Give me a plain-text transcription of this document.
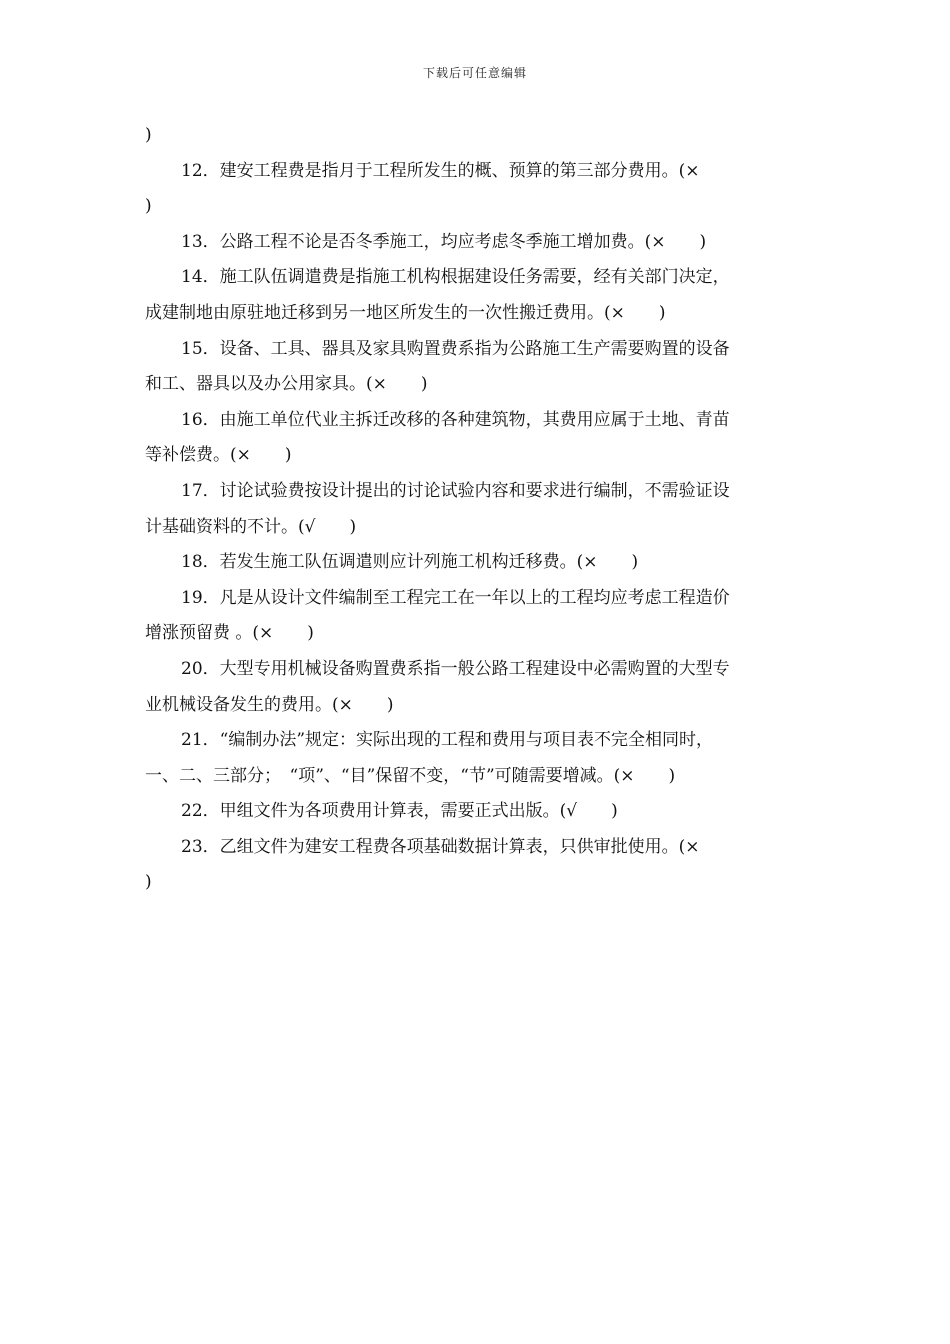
下载后可任意编辑
)
12．建安工程费是指月于工程所发生的概、预算的第三部分费用。(×
)
13．公路工程不论是否冬季施工，均应考虑冬季施工增加费。(×　　)
14．施工队伍调遣费是指施工机构根据建设任务需要，经有关部门决定，
成建制地由原驻地迁移到另一地区所发生的一次性搬迁费用。(×　　)
15．设备、工具、器具及家具购置费系指为公路施工生产需要购置的设备
和工、器具以及办公用家具。(×　　)
16．由施工单位代业主拆迁改移的各种建筑物，其费用应属于土地、青苗
等补偿费。(×　　)
17．讨论试验费按设计提出的讨论试验内容和要求进行编制，不需验证设
计基础资料的不计。(√　　)
18．若发生施工队伍调遣则应计列施工机构迁移费。(×　　)
19．凡是从设计文件编制至工程完工在一年以上的工程均应考虑工程造价
增涨预留费 。(×　　)
20．大型专用机械设备购置费系指一般公路工程建设中必需购置的大型专
业机械设备发生的费用。(×　　)
21．“编制办法”规定：实际出现的工程和费用与项目表不完全相同时，
一、二、三部分；　“项”、“目”保留不变，“节”可随需要增减。(×　　)
22．甲组文件为各项费用计算表，需要正式出版。(√　　)
23．乙组文件为建安工程费各项基础数据计算表，只供审批使用。(×
)
